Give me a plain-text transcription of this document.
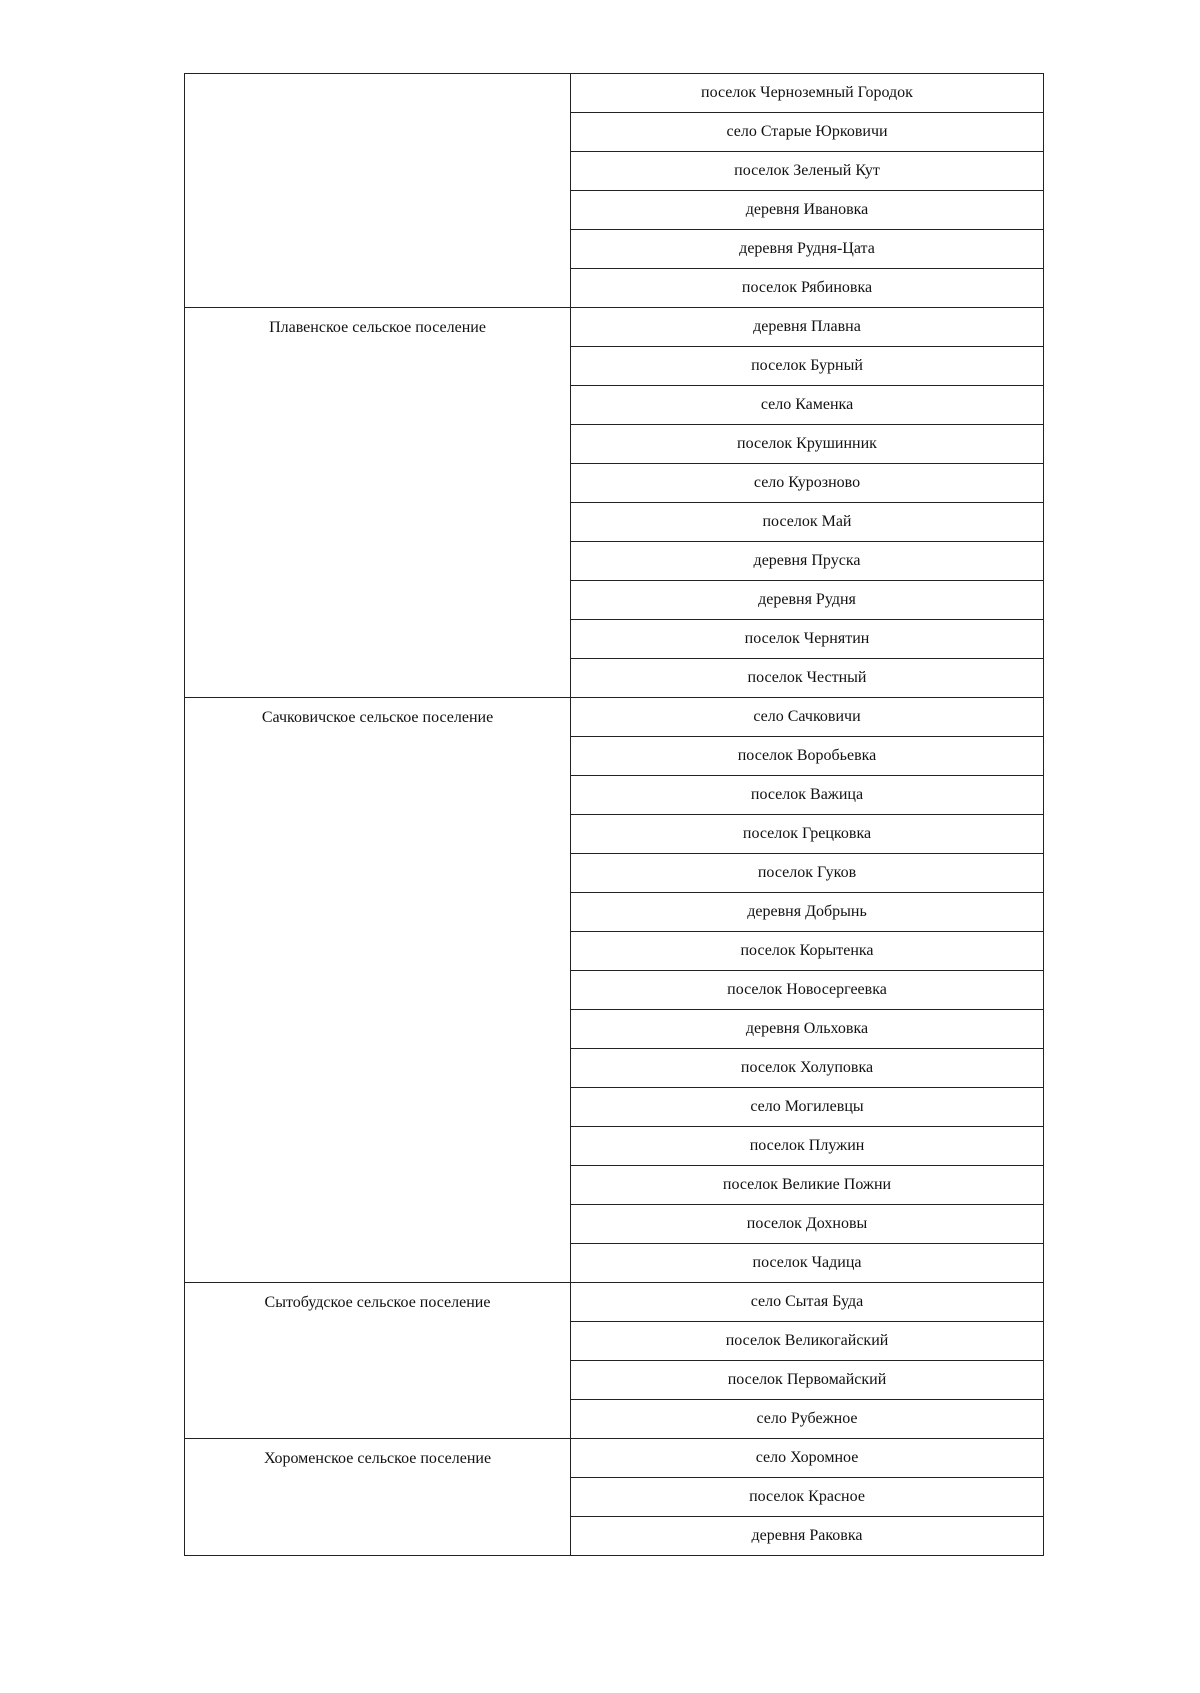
	поселок Черноземный Городок
	село Старые Юрковичи
	поселок Зеленый Кут
	деревня Ивановка
	деревня Рудня-Цата
	поселок Рябиновка
Плавенское сельское поселение	деревня Плавна
	поселок Бурный
	село Каменка
	поселок Крушинник
	село Курозново
	поселок Май
	деревня Пруска
	деревня Рудня
	поселок Чернятин
	поселок Честный
Сачковичское сельское поселение	село Сачковичи
	поселок Воробьевка
	поселок Важица
	поселок Грецковка
	поселок Гуков
	деревня Добрынь
	поселок Корытенка
	поселок Новосергеевка
	деревня Ольховка
	поселок Холуповка
	село Могилевцы
	поселок Плужин
	поселок Великие Пожни
	поселок Дохновы
	поселок Чадица
Сытобудское сельское поселение	село Сытая Буда
	поселок Великогайский
	поселок Первомайский
	село Рубежное
Хороменское сельское поселение	село Хоромное
	поселок Красное
	деревня Раковка
